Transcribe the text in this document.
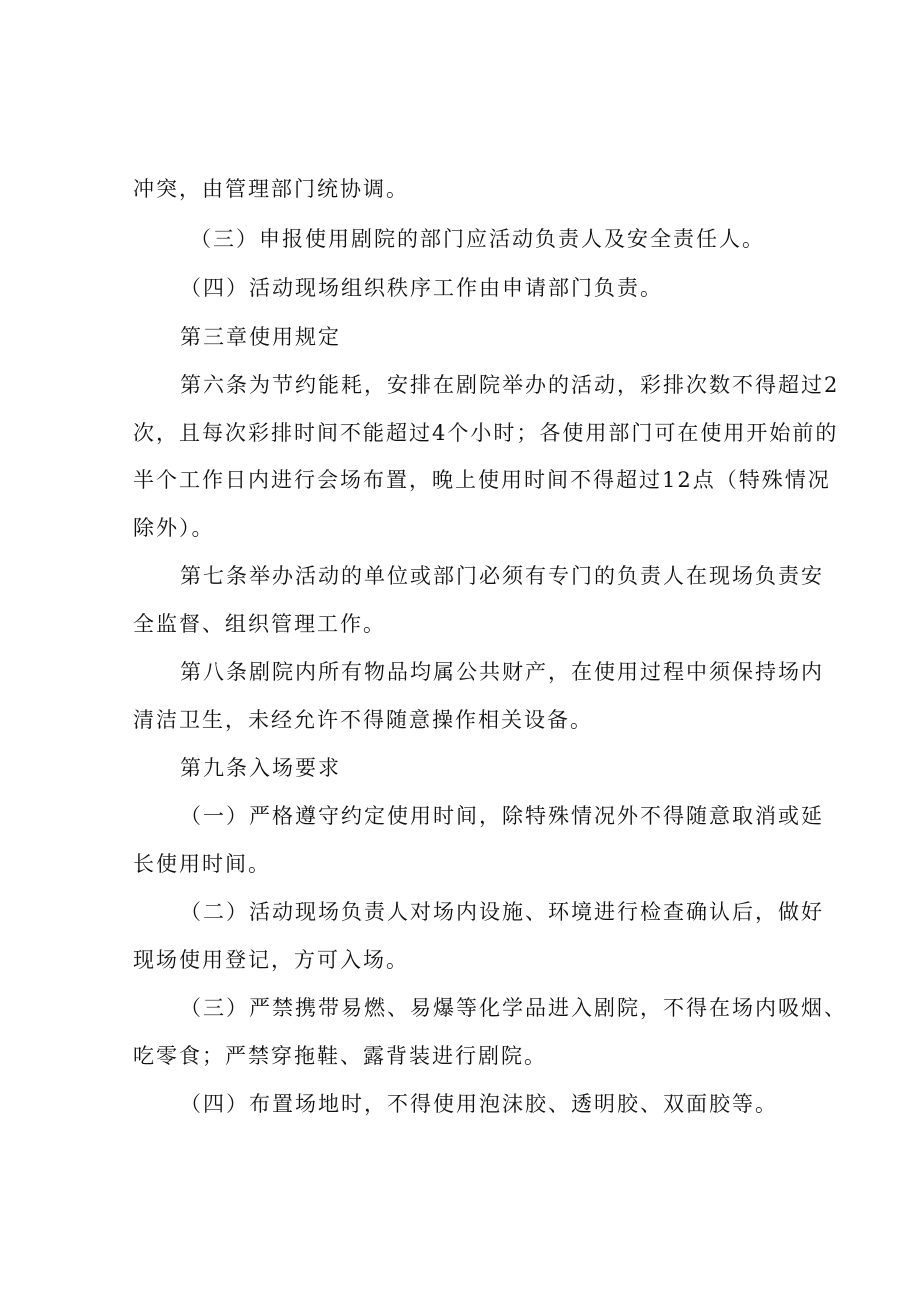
冲突，由管理部门统协调。
（三）申报使用剧院的部门应活动负责人及安全责任人。
（四）活动现场组织秩序工作由申请部门负责。
第三章使用规定
第六条为节约能耗，安排在剧院举办的活动，彩排次数不得超过2
次，且每次彩排时间不能超过4个小时；各使用部门可在使用开始前的
半个工作日内进行会场布置，晚上使用时间不得超过12点（特殊情况
除外）。
第七条举办活动的单位或部门必须有专门的负责人在现场负责安
全监督、组织管理工作。
第八条剧院内所有物品均属公共财产，在使用过程中须保持场内
清洁卫生，未经允许不得随意操作相关设备。
第九条入场要求
（一）严格遵守约定使用时间，除特殊情况外不得随意取消或延
长使用时间。
（二）活动现场负责人对场内设施、环境进行检查确认后，做好
现场使用登记，方可入场。
（三）严禁携带易燃、易爆等化学品进入剧院，不得在场内吸烟、
吃零食；严禁穿拖鞋、露背装进行剧院。
（四）布置场地时，不得使用泡沫胶、透明胶、双面胶等。
